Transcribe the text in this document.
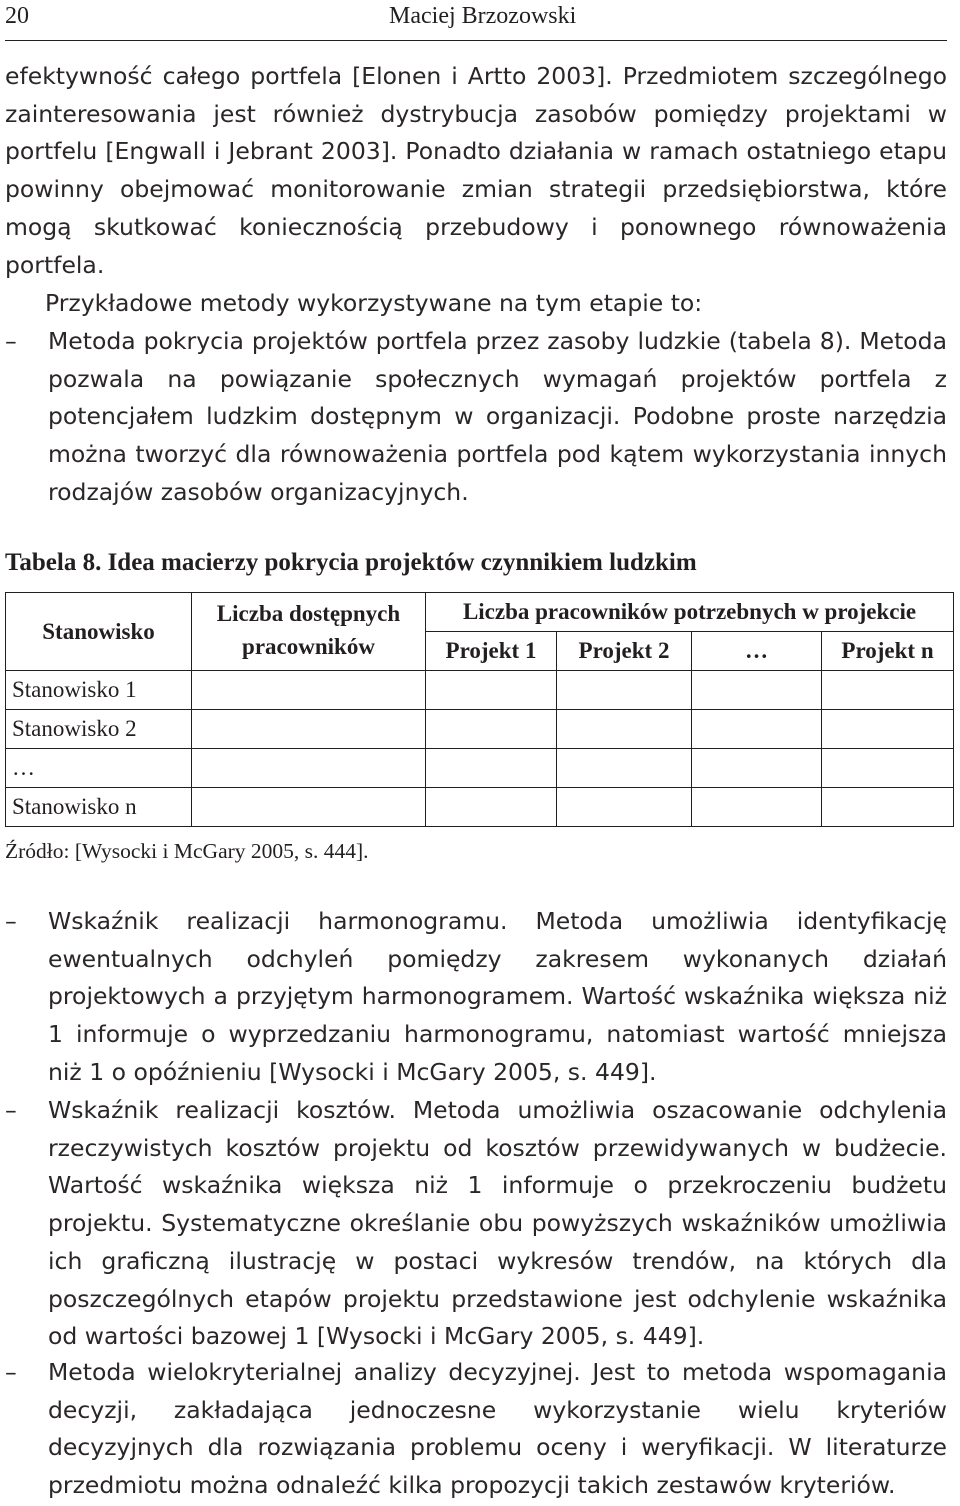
20	Maciej Brzozowski

efektywność całego portfela [Elonen i Artto 2003]. Przedmiotem szczególnego zainteresowania jest również dystrybucja zasobów pomiędzy projektami w portfelu [Engwall i Jebrant 2003]. Ponadto działania w ramach ostatniego etapu powinny obejmować monitorowanie zmian strategii przedsiębiorstwa, które mogą skutkować koniecznością przebudowy i ponownego równoważenia portfela.

Przykładowe metody wykorzystywane na tym etapie to:

–	Metoda pokrycia projektów portfela przez zasoby ludzkie (tabela 8). Metoda pozwala na powiązanie społecznych wymagań projektów portfela z potencjałem ludzkim dostępnym w organizacji. Podobne proste narzędzia można tworzyć dla równoważenia portfela pod kątem wykorzystania innych rodzajów zasobów organizacyjnych.

Tabela 8. Idea macierzy pokrycia projektów czynnikiem ludzkim

Stanowisko	Liczba dostępnych pracowników	Liczba pracowników potrzebnych w projekcie			
		Projekt 1	Projekt 2	…	Projekt n
Stanowisko 1					
Stanowisko 2					
…					
Stanowisko n					

Źródło: [Wysocki i McGary 2005, s. 444].

–	Wskaźnik realizacji harmonogramu. Metoda umożliwia identyfikację ewentualnych odchyleń pomiędzy zakresem wykonanych działań projektowych a przyjętym harmonogramem. Wartość wskaźnika większa niż 1 informuje o wyprzedzaniu harmonogramu, natomiast wartość mniejsza niż 1 o opóźnieniu [Wysocki i McGary 2005, s. 449].
–	Wskaźnik realizacji kosztów. Metoda umożliwia oszacowanie odchylenia rzeczywistych kosztów projektu od kosztów przewidywanych w budżecie. Wartość wskaźnika większa niż 1 informuje o przekroczeniu budżetu projektu. Systematyczne określanie obu powyższych wskaźników umożliwia ich graficzną ilustrację w postaci wykresów trendów, na których dla poszczególnych etapów projektu przedstawione jest odchylenie wskaźnika od wartości bazowej 1 [Wysocki i McGary 2005, s. 449].
–	Metoda wielokryterialnej analizy decyzyjnej. Jest to metoda wspomagania decyzji, zakładająca jednoczesne wykorzystanie wielu kryteriów decyzyjnych dla rozwiązania problemu oceny i weryfikacji. W literaturze przedmiotu można odnaleźć kilka propozycji takich zestawów kryteriów.
